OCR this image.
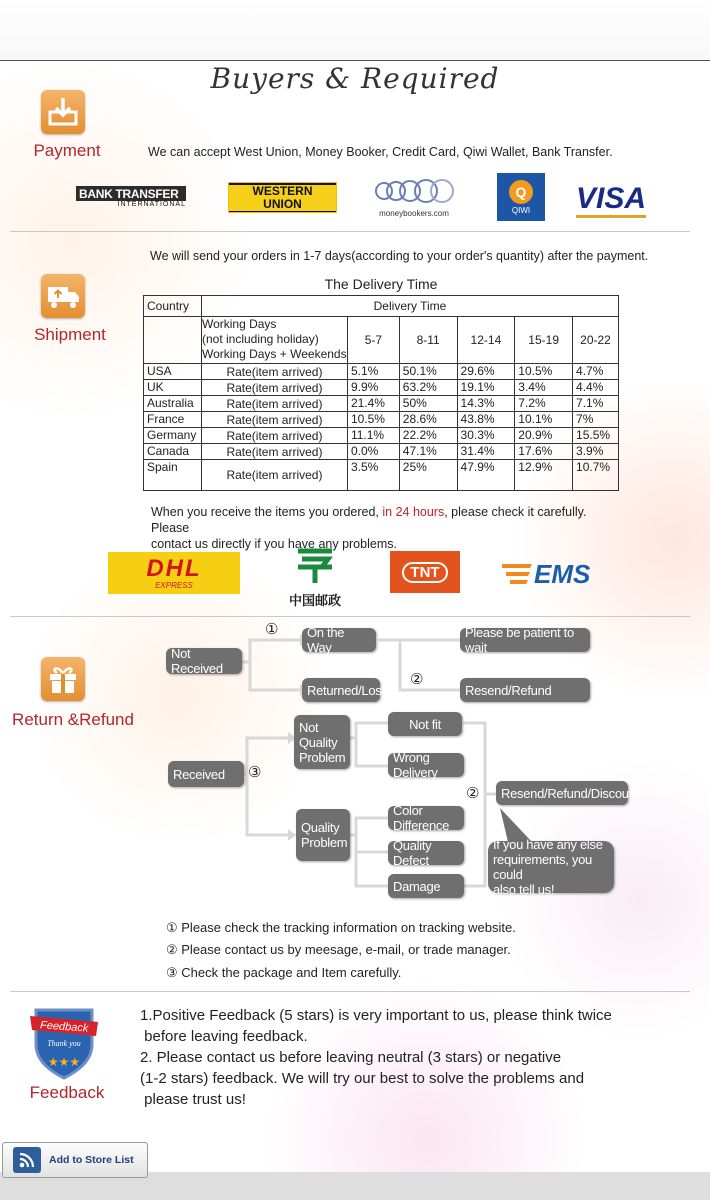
Buyers & Required
Payment	We can accept West Union, Money Booker, Credit Card, Qiwi Wallet, Bank Transfer.
BANK TRANSFER
INTERNATIONAL
WESTERN
UNION
moneybookers.com
Q
QIWI VISA
Shipment
We will send your orders in 1-7 days(according to your order's quantity) after the payment.
The Delivery Time
Country	Delivery Time					

	Working Days
(not including holiday)
Working Days + Weekends	5-7	8-11	12-14	15-19	20-22
USA	Rate(item arrived)	5.1%	50.1%	29.6%	10.5%	4.7%
UK	Rate(item arrived)	9.9%	63.2%	19.1%	3.4%	4.4%
Australia	Rate(item arrived)	21.4%	50%	14.3%	7.2%	7.1%
France	Rate(item arrived)	10.5%	28.6%	43.8%	10.1%	7%
Germany	Rate(item arrived)	11.1%	22.2%	30.3%	20.9%	15.5%
Canada	Rate(item arrived)	0.0%	47.1%	31.4%	17.6%	3.9%
Spain	Rate(item arrived)	3.5%	25%	47.9%	12.9%	10.7%
When you receive the items you ordered, in 24 hours, please check it carefully. Please
contact us directly if you have any problems.
DHL
EXPRESS
中国邮政
TNT	EMS
Return &Refund
①
②
③
②
Not Received
On the Way
Please be patient to wait
Returned/Lost	Resend/Refund
Received
Not
Quality
Problem
Quality
Problem
Not fit
Wrong Delivery
Color Difference
Quality Defect
Damage
Resend/Refund/Discount
If you have any else
requirements, you could
also tell us!
① Please check the tracking information on tracking website.
② Please contact us by meesage, e-mail, or trade manager.
③ Check the package and Item carefully.
Feedback
Thank you
★★★
Feedback
1.Positive Feedback (5 stars) is very important to us, please think twice
before leaving feedback.
2. Please contact us before leaving neutral (3 stars) or negative
(1-2 stars) feedback. We will try our best to solve the problems and
please trust us!
Add to Store List
